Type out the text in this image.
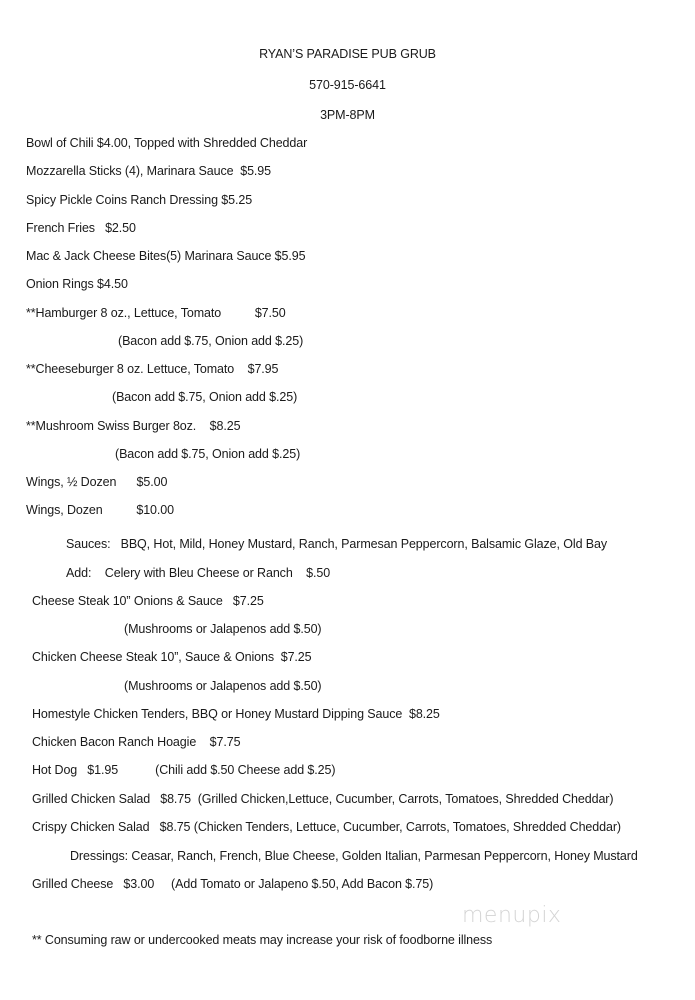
RYAN’S PARADISE PUB GRUB
570-915-6641
3PM-8PM
Bowl of Chili $4.00, Topped with Shredded Cheddar
Mozzarella Sticks (4), Marinara Sauce  $5.95
Spicy Pickle Coins Ranch Dressing $5.25
French Fries   $2.50
Mac & Jack Cheese Bites(5) Marinara Sauce $5.95
Onion Rings $4.50
**Hamburger 8 oz., Lettuce, Tomato          $7.50
(Bacon add $.75, Onion add $.25)
**Cheeseburger 8 oz. Lettuce, Tomato    $7.95
(Bacon add $.75, Onion add $.25)
**Mushroom Swiss Burger 8oz.    $8.25
(Bacon add $.75, Onion add $.25)
Wings, ½ Dozen      $5.00
Wings, Dozen          $10.00
Sauces:   BBQ, Hot, Mild, Honey Mustard, Ranch, Parmesan Peppercorn, Balsamic Glaze, Old Bay
Add:    Celery with Bleu Cheese or Ranch    $.50
Cheese Steak 10” Onions & Sauce   $7.25
(Mushrooms or Jalapenos add $.50)
Chicken Cheese Steak 10”, Sauce & Onions  $7.25
(Mushrooms or Jalapenos add $.50)
Homestyle Chicken Tenders, BBQ or Honey Mustard Dipping Sauce  $8.25
Chicken Bacon Ranch Hoagie    $7.75
Hot Dog   $1.95           (Chili add $.50 Cheese add $.25)
Grilled Chicken Salad   $8.75  (Grilled Chicken,Lettuce, Cucumber, Carrots, Tomatoes, Shredded Cheddar)
Crispy Chicken Salad   $8.75 (Chicken Tenders, Lettuce, Cucumber, Carrots, Tomatoes, Shredded Cheddar)
Dressings: Ceasar, Ranch, French, Blue Cheese, Golden Italian, Parmesan Peppercorn, Honey Mustard
Grilled Cheese   $3.00     (Add Tomato or Jalapeno $.50, Add Bacon $.75)
** Consuming raw or undercooked meats may increase your risk of foodborne illness
menupix
